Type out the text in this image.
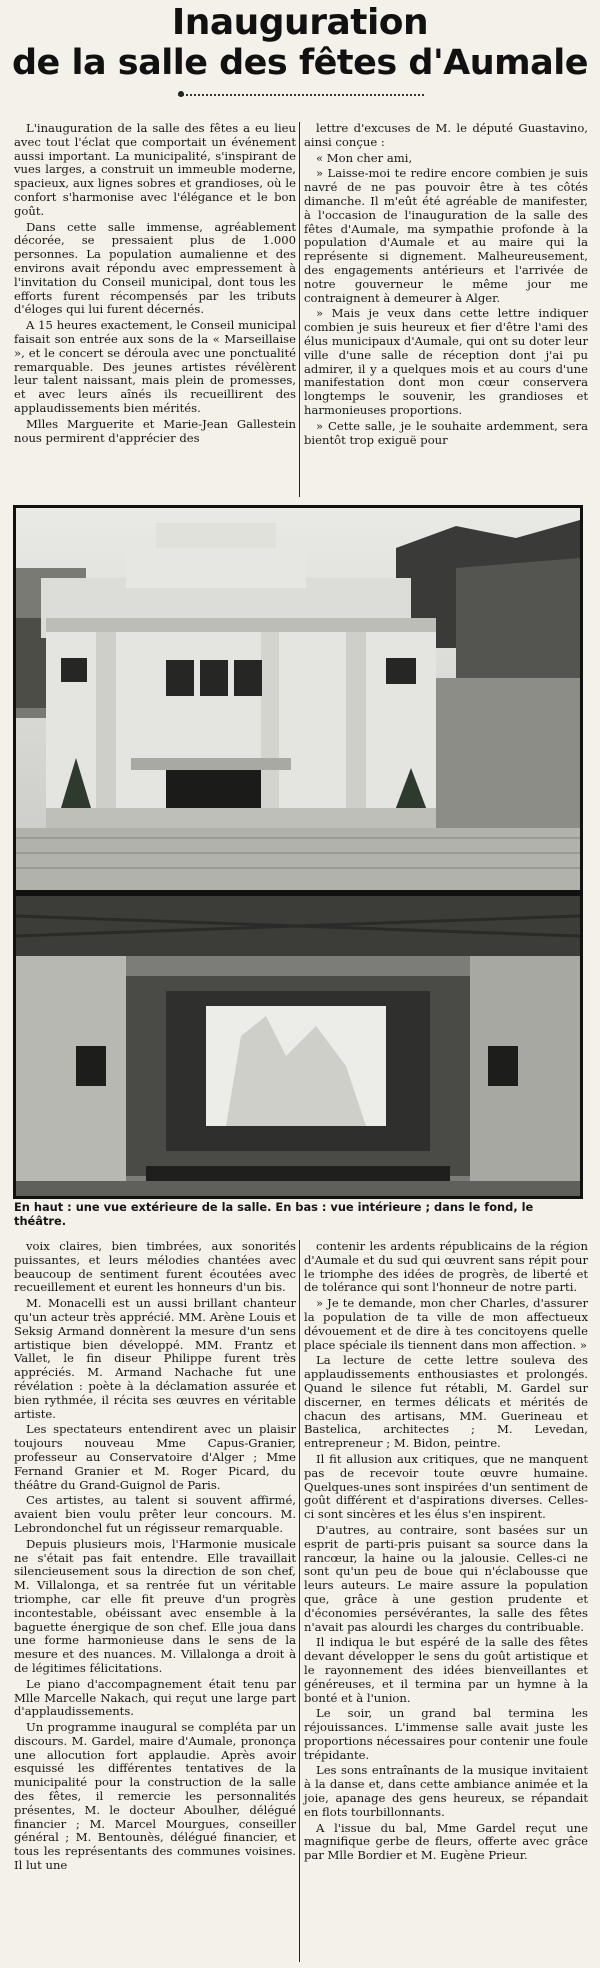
Inauguration
de la salle des fêtes d'Aumale

L'inauguration de la salle des fêtes a eu lieu avec tout l'éclat que comportait un événement aussi important. La municipalité, s'inspirant de vues larges, a construit un immeuble moderne, spacieux, aux lignes sobres et grandioses, où le confort s'harmonise avec l'élégance et le bon goût.

Dans cette salle immense, agréablement décorée, se pressaient plus de 1.000 personnes. La population aumalienne et des environs avait répondu avec empressement à l'invitation du Conseil municipal, dont tous les efforts furent récompensés par les tributs d'éloges qui lui furent décernés.

A 15 heures exactement, le Conseil municipal faisait son entrée aux sons de la « Marseillaise », et le concert se déroula avec une ponctualité remarquable. Des jeunes artistes révélèrent leur talent naissant, mais plein de promesses, et avec leurs aînés ils recueillirent des applaudissements bien mérités.

Mlles Marguerite et Marie-Jean Gallestein nous permirent d'apprécier des

lettre d'excuses de M. le député Guastavino, ainsi conçue :

« Mon cher ami,

» Laisse-moi te redire encore combien je suis navré de ne pas pouvoir être à tes côtés dimanche. Il m'eût été agréable de manifester, à l'occasion de l'inauguration de la salle des fêtes d'Aumale, ma sympathie profonde à la population d'Aumale et au maire qui la représente si dignement. Malheureusement, des engagements antérieurs et l'arrivée de notre gouverneur le même jour me contraignent à demeurer à Alger.

» Mais je veux dans cette lettre indiquer combien je suis heureux et fier d'être l'ami des élus municipaux d'Aumale, qui ont su doter leur ville d'une salle de réception dont j'ai pu admirer, il y a quelques mois et au cours d'une manifestation dont mon cœur conservera longtemps le souvenir, les grandioses et harmonieuses proportions.

» Cette salle, je le souhaite ardemment, sera bientôt trop exiguë pour

En haut : une vue extérieure de la salle. En bas : vue intérieure ; dans le fond, le théâtre.

voix claires, bien timbrées, aux sonorités puissantes, et leurs mélodies chantées avec beaucoup de sentiment furent écoutées avec recueillement et eurent les honneurs d'un bis.

M. Monacelli est un aussi brillant chanteur qu'un acteur très apprécié. MM. Arène Louis et Seksig Armand donnèrent la mesure d'un sens artistique bien développé. MM. Frantz et Vallet, le fin diseur Philippe furent très appréciés. M. Armand Nachache fut une révélation : poète à la déclamation assurée et bien rythmée, il récita ses œuvres en véritable artiste.

Les spectateurs entendirent avec un plaisir toujours nouveau Mme Capus-Granier, professeur au Conservatoire d'Alger ; Mme Fernand Granier et M. Roger Picard, du théâtre du Grand-Guignol de Paris.

Ces artistes, au talent si souvent affirmé, avaient bien voulu prêter leur concours. M. Lebrondonchel fut un régisseur remarquable.

Depuis plusieurs mois, l'Harmonie musicale ne s'était pas fait entendre. Elle travaillait silencieusement sous la direction de son chef, M. Villalonga, et sa rentrée fut un véritable triomphe, car elle fit preuve d'un progrès incontestable, obéissant avec ensemble à la baguette énergique de son chef. Elle joua dans une forme harmonieuse dans le sens de la mesure et des nuances. M. Villalonga a droit à de légitimes félicitations.

Le piano d'accompagnement était tenu par Mlle Marcelle Nakach, qui reçut une large part d'applaudissements.

Un programme inaugural se compléta par un discours. M. Gardel, maire d'Aumale, prononça une allocution fort applaudie. Après avoir esquissé les différentes tentatives de la municipalité pour la construction de la salle des fêtes, il remercie les personnalités présentes, M. le docteur Aboulher, délégué financier ; M. Marcel Mourgues, conseiller général ; M. Bentounès, délégué financier, et tous les représentants des communes voisines. Il lut une

contenir les ardents républicains de la région d'Aumale et du sud qui œuvrent sans répit pour le triomphe des idées de progrès, de liberté et de tolérance qui sont l'honneur de notre parti.

» Je te demande, mon cher Charles, d'assurer la population de ta ville de mon affectueux dévouement et de dire à tes concitoyens quelle place spéciale ils tiennent dans mon affection. »

La lecture de cette lettre souleva des applaudissements enthousiastes et prolongés. Quand le silence fut rétabli, M. Gardel sur discerner, en termes délicats et mérités de chacun des artisans, MM. Guerineau et Bastelica, architectes ; M. Levedan, entrepreneur ; M. Bidon, peintre.

Il fit allusion aux critiques, que ne manquent pas de recevoir toute œuvre humaine. Quelques-unes sont inspirées d'un sentiment de goût différent et d'aspirations diverses. Celles-ci sont sincères et les élus s'en inspirent.

D'autres, au contraire, sont basées sur un esprit de parti-pris puisant sa source dans la rancœur, la haine ou la jalousie. Celles-ci ne sont qu'un peu de boue qui n'éclabousse que leurs auteurs. Le maire assure la population que, grâce à une gestion prudente et d'économies persévérantes, la salle des fêtes n'avait pas alourdi les charges du contribuable.

Il indiqua le but espéré de la salle des fêtes devant développer le sens du goût artistique et le rayonnement des idées bienveillantes et généreuses, et il termina par un hymne à la bonté et à l'union.

Le soir, un grand bal termina les réjouissances. L'immense salle avait juste les proportions nécessaires pour contenir une foule trépidante.

Les sons entraînants de la musique invitaient à la danse et, dans cette ambiance animée et la joie, apanage des gens heureux, se répandait en flots tourbillonnants.

A l'issue du bal, Mme Gardel reçut une magnifique gerbe de fleurs, offerte avec grâce par Mlle Bordier et M. Eugène Prieur.
